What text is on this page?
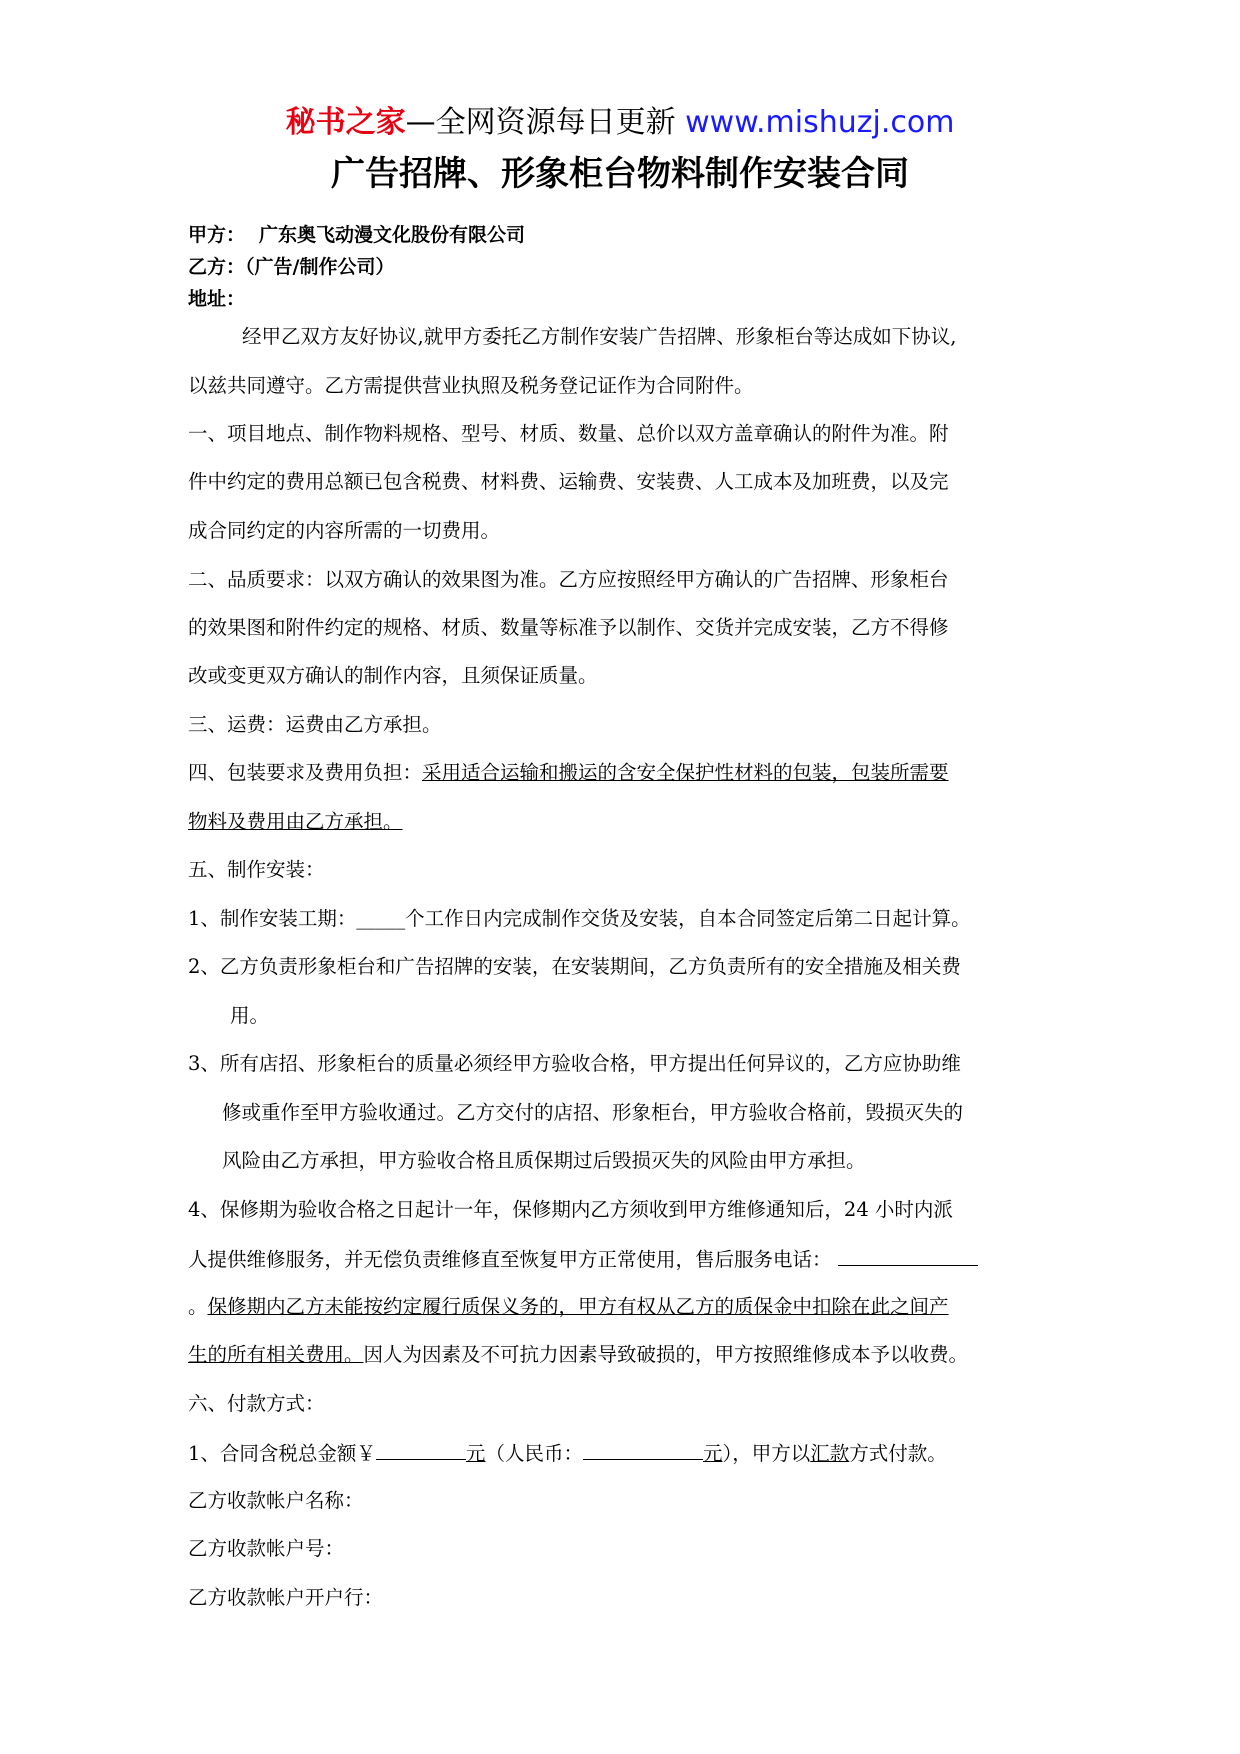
秘书之家—全网资源每日更新 www.mishuzj.com
广告招牌、形象柜台物料制作安装合同
甲方： 广东奥飞动漫文化股份有限公司
乙方：（广告/制作公司）
地址：
经甲乙双方友好协议,就甲方委托乙方制作安装广告招牌、形象柜台等达成如下协议,
以兹共同遵守。乙方需提供营业执照及税务登记证作为合同附件。
一、项目地点、制作物料规格、型号、材质、数量、总价以双方盖章确认的附件为准。附
件中约定的费用总额已包含税费、材料费、运输费、安装费、人工成本及加班费，以及完
成合同约定的内容所需的一切费用。
二、品质要求：以双方确认的效果图为准。乙方应按照经甲方确认的广告招牌、形象柜台
的效果图和附件约定的规格、材质、数量等标准予以制作、交货并完成安装，乙方不得修
改或变更双方确认的制作内容，且须保证质量。
三、运费：运费由乙方承担。
四、包装要求及费用负担：采用适合运输和搬运的含安全保护性材料的包装，包装所需要
物料及费用由乙方承担。
五、制作安装：
1、制作安装工期：_____个工作日内完成制作交货及安装，自本合同签定后第二日起计算。
2、乙方负责形象柜台和广告招牌的安装，在安装期间，乙方负责所有的安全措施及相关费
用。
3、所有店招、形象柜台的质量必须经甲方验收合格，甲方提出任何异议的，乙方应协助维
修或重作至甲方验收通过。乙方交付的店招、形象柜台，甲方验收合格前，毁损灭失的
风险由乙方承担，甲方验收合格且质保期过后毁损灭失的风险由甲方承担。
4、保修期为验收合格之日起计一年，保修期内乙方须收到甲方维修通知后，24 小时内派
人提供维修服务，并无偿负责维修直至恢复甲方正常使用，售后服务电话：
。保修期内乙方未能按约定履行质保义务的，甲方有权从乙方的质保金中扣除在此之间产
生的所有相关费用。因人为因素及不可抗力因素导致破损的，甲方按照维修成本予以收费。
六、付款方式：
1、合同含税总金额￥	元（人民币：	元），甲方以汇款方式付款。
乙方收款帐户名称：
乙方收款帐户号：
乙方收款帐户开户行：
